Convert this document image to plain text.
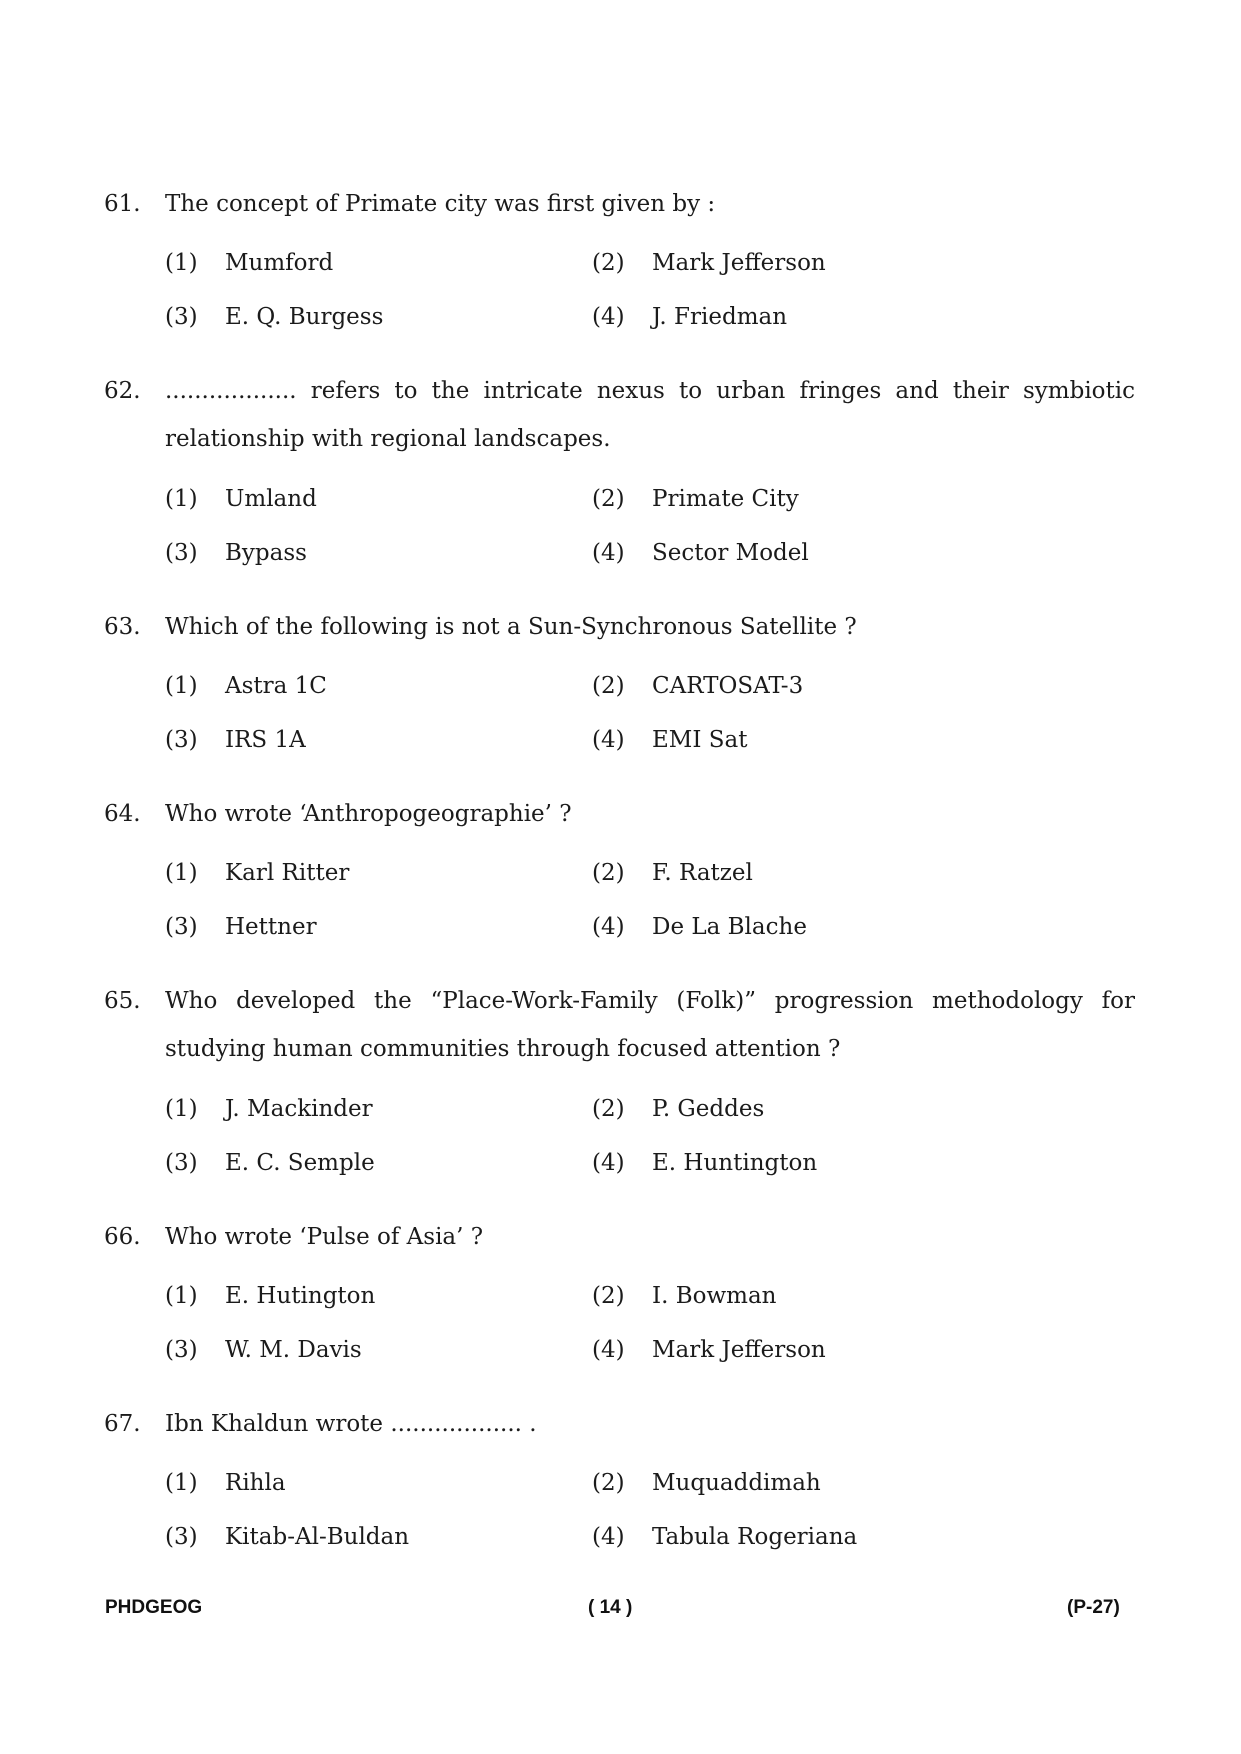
61. The concept of Primate city was first given by :
(1) Mumford	(2) Mark Jefferson
(3) E. Q. Burgess	(4) J. Friedman
62. .................. refers to the intricate nexus to urban fringes and their symbiotic relationship with regional landscapes.
(1) Umland	(2) Primate City
(3) Bypass	(4) Sector Model
63. Which of the following is not a Sun-Synchronous Satellite ?
(1) Astra 1C	(2) CARTOSAT-3
(3) IRS 1A	(4) EMI Sat
64. Who wrote ‘Anthropogeographie’ ?
(1) Karl Ritter	(2) F. Ratzel
(3) Hettner	(4) De La Blache
65. Who developed the “Place-Work-Family (Folk)” progression methodology for studying human communities through focused attention ?
(1) J. Mackinder	(2) P. Geddes
(3) E. C. Semple	(4) E. Huntington
66. Who wrote ‘Pulse of Asia’ ?
(1) E. Hutington	(2) I. Bowman
(3) W. M. Davis	(4) Mark Jefferson
67. Ibn Khaldun wrote .................. .
(1) Rihla	(2) Muquaddimah
(3) Kitab-Al-Buldan	(4) Tabula Rogeriana
PHDGEOG	( 14 )	(P-27)
